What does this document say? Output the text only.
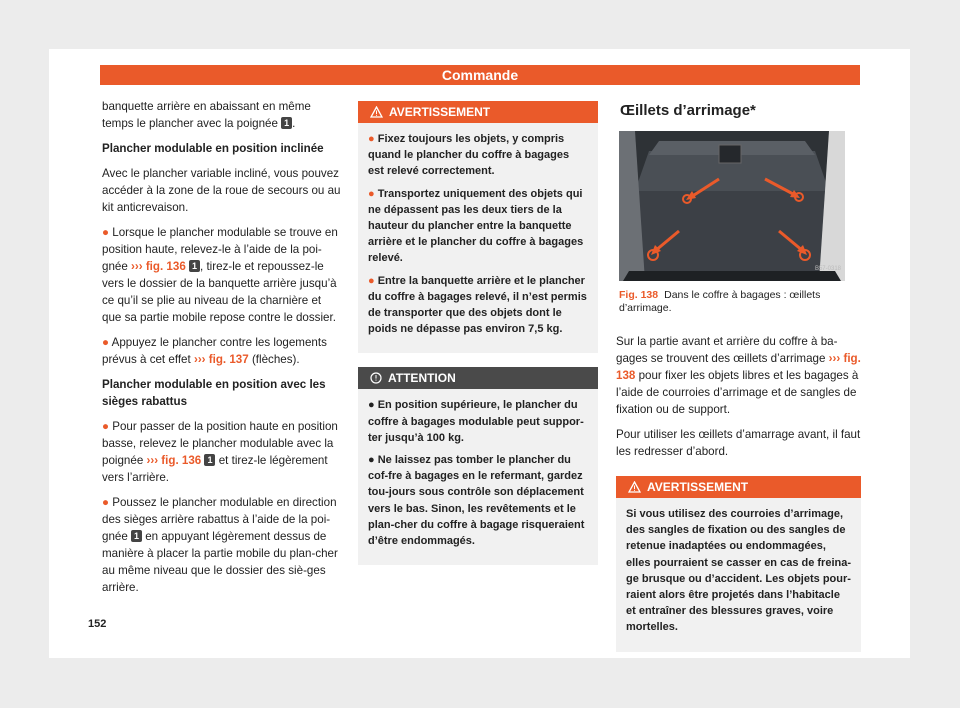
Commande

banquette arrière en abaissant en même temps le plancher avec la poignée 1 .

Plancher modulable en position inclinée

Avec le plancher variable incliné, vous pouvez accéder à la zone de la roue de secours ou au kit anticrevaison.

● Lorsque le plancher modulable se trouve en position haute, relevez-le à l’aide de la poi-gnée ››› fig. 136 1 , tirez-le et repoussez-le vers le dossier de la banquette arrière jusqu’à ce qu’il se plie au niveau de la charnière et que sa partie mobile repose contre le dossier.

● Appuyez le plancher contre les logements prévus à cet effet ››› fig. 137 (flèches).

Plancher modulable en position avec les sièges rabattus

● Pour passer de la position haute en position basse, relevez le plancher modulable avec la poignée ››› fig. 136 1 et tirez-le légèrement vers l’arrière.

● Poussez le plancher modulable en direction des sièges arrière rabattus à l’aide de la poi-gnée 1 en appuyant légèrement dessus de manière à placer la partie mobile du plan-cher au même niveau que le dossier des siè-ges arrière.

AVERTISSEMENT

● Fixez toujours les objets, y compris quand le plancher du coffre à bagages est relevé correctement.

● Transportez uniquement des objets qui ne dépassent pas les deux tiers de la hauteur du plancher entre la banquette arrière et le plancher du coffre à bagages relevé.

● Entre la banquette arrière et le plancher du coffre à bagages relevé, il n’est permis de transporter que des objets dont le poids ne dépasse pas environ 7,5 kg.

ATTENTION

● En position supérieure, le plancher du coffre à bagages modulable peut suppor-ter jusqu’à 100 kg.

● Ne laissez pas tomber le plancher du cof-fre à bagages en le refermant, gardez tou-jours sous contrôle son déplacement vers le bas. Sinon, les revêtements et le plan-cher du coffre à bagage risqueraient d’être endommagés.

Œillets d’arrimage*
B57-0318
Fig. 138 Dans le coffre à bagages : œillets d’arrimage.

Sur la partie avant et arrière du coffre à ba-gages se trouvent des œillets d’arrimage ››› fig. 138 pour fixer les objets libres et les bagages à l’aide de courroies d’arrimage et de sangles de fixation ou de support.

Pour utiliser les œillets d’amarrage avant, il faut les redresser d’abord.

AVERTISSEMENT

Si vous utilisez des courroies d’arrimage, des sangles de fixation ou des sangles de retenue inadaptées ou endommagées, elles pourraient se casser en cas de freina-ge brusque ou d’accident. Les objets pour-raient alors être projetés dans l’habitacle et entraîner des blessures graves, voire mortelles.

152
